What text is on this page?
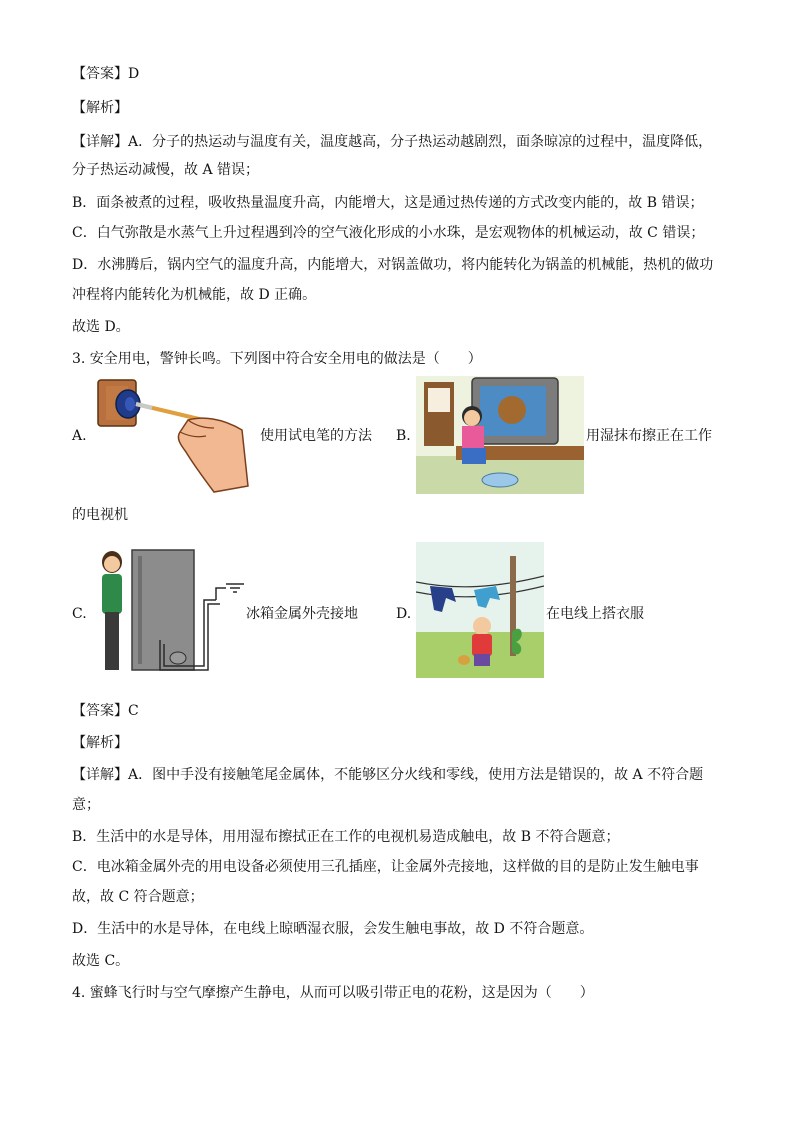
【答案】D
【解析】
【详解】A．分子的热运动与温度有关，温度越高，分子热运动越剧烈，面条晾凉的过程中，温度降低，
分子热运动减慢，故 A 错误；
B．面条被煮的过程，吸收热量温度升高，内能增大，这是通过热传递的方式改变内能的，故 B 错误；
C．白气弥散是水蒸气上升过程遇到冷的空气液化形成的小水珠，是宏观物体的机械运动，故 C 错误；
D．水沸腾后，锅内空气的温度升高，内能增大，对锅盖做功，将内能转化为锅盖的机械能，热机的做功
冲程将内能转化为机械能，故 D 正确。
故选 D。
3. 安全用电，警钟长鸣。下列图中符合安全用电的做法是（　　）
A.	使用试电笔的方法 B.	用湿抹布擦正在工作
的电视机
C.	冰箱金属外壳接地	D.	在电线上搭衣服
【答案】C
【解析】
【详解】A．图中手没有接触笔尾金属体，不能够区分火线和零线，使用方法是错误的，故 A 不符合题
意；
B．生活中的水是导体，用用湿布擦拭正在工作的电视机易造成触电，故 B 不符合题意；
C．电冰箱金属外壳的用电设备必须使用三孔插座，让金属外壳接地，这样做的目的是防止发生触电事
故，故 C 符合题意；
D．生活中的水是导体，在电线上晾晒湿衣服，会发生触电事故，故 D 不符合题意。
故选 C。
4. 蜜蜂飞行时与空气摩擦产生静电，从而可以吸引带正电的花粉，这是因为（　　）
